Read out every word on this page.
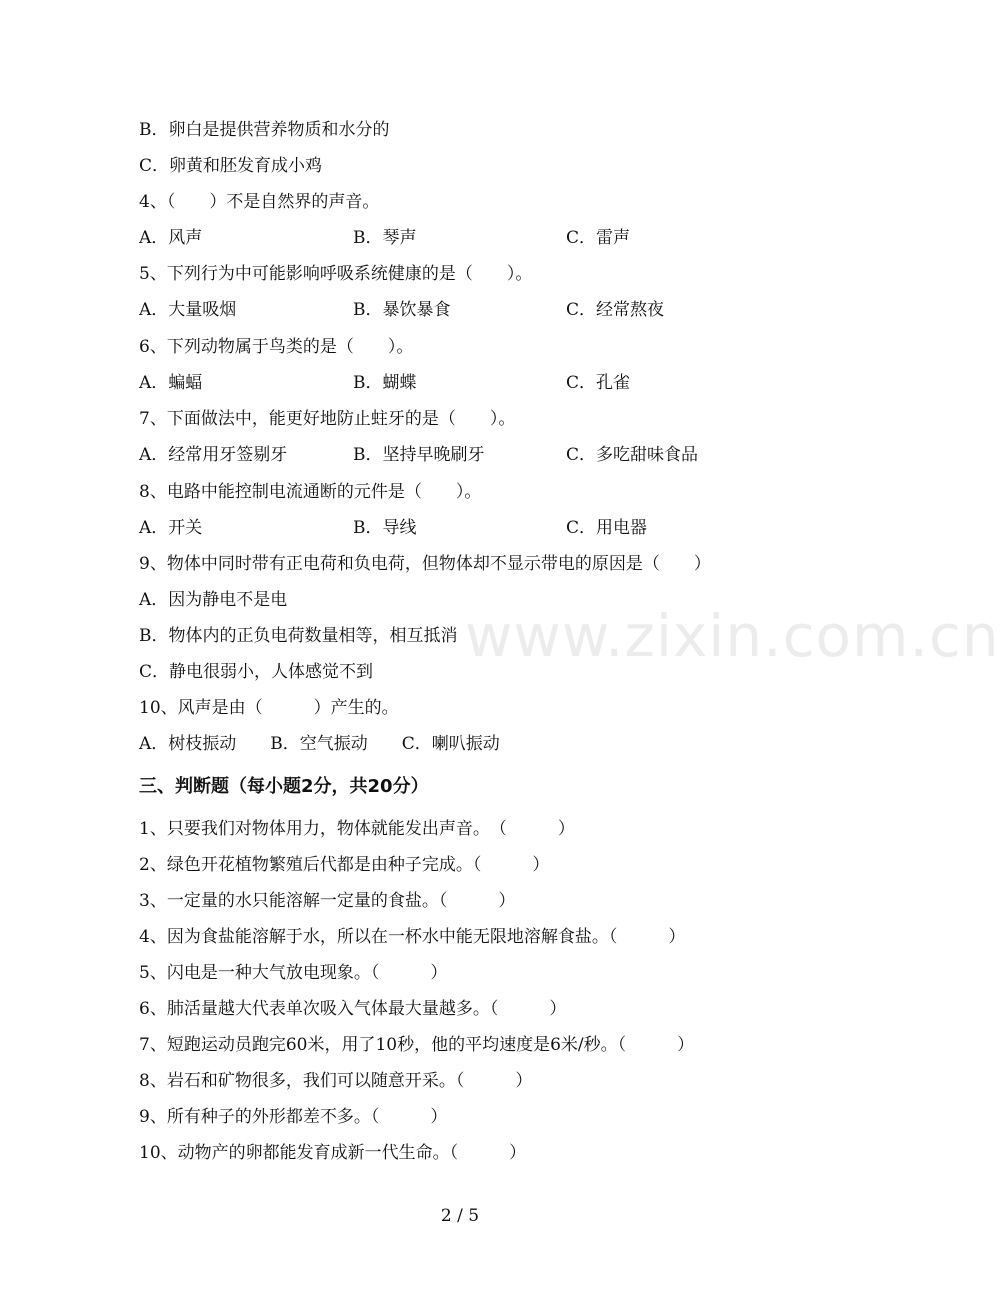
www.zixin.com.cn
B．卵白是提供营养物质和水分的
C．卵黄和胚发育成小鸡
4、（　　）不是自然界的声音。
A．风声	B．琴声	C．雷声
5、下列行为中可能影响呼吸系统健康的是（　　）。
A．大量吸烟	B．暴饮暴食	C．经常熬夜
6、下列动物属于鸟类的是（　　）。
A．蝙蝠	B．蝴蝶	C．孔雀
7、下面做法中，能更好地防止蛀牙的是（　　）。
A．经常用牙签剔牙	B．坚持早晚刷牙	C．多吃甜味食品
8、电路中能控制电流通断的元件是（　　）。
A．开关	B．导线	C．用电器
9、物体中同时带有正电荷和负电荷，但物体却不显示带电的原因是（　　）
A．因为静电不是电
B．物体内的正负电荷数量相等，相互抵消
C．静电很弱小，人体感觉不到
10、风声是由（　　　）产生的。
A．树枝振动　　B．空气振动　　C．喇叭振动
三、判断题（每小题2分，共20分）
1、只要我们对物体用力，物体就能发出声音。　（　　　）
2、绿色开花植物繁殖后代都是由种子完成。（　　　）
3、一定量的水只能溶解一定量的食盐。（　　　）
4、因为食盐能溶解于水，所以在一杯水中能无限地溶解食盐。（　　　）
5、闪电是一种大气放电现象。（　　　）
6、肺活量越大代表单次吸入气体最大量越多。（　　　）
7、短跑运动员跑完60米，用了10秒，他的平均速度是6米/秒。（　　　）
8、岩石和矿物很多，我们可以随意开采。（　　　）
9、所有种子的外形都差不多。（　　　）
10、动物产的卵都能发育成新一代生命。（　　　）
2 / 5
